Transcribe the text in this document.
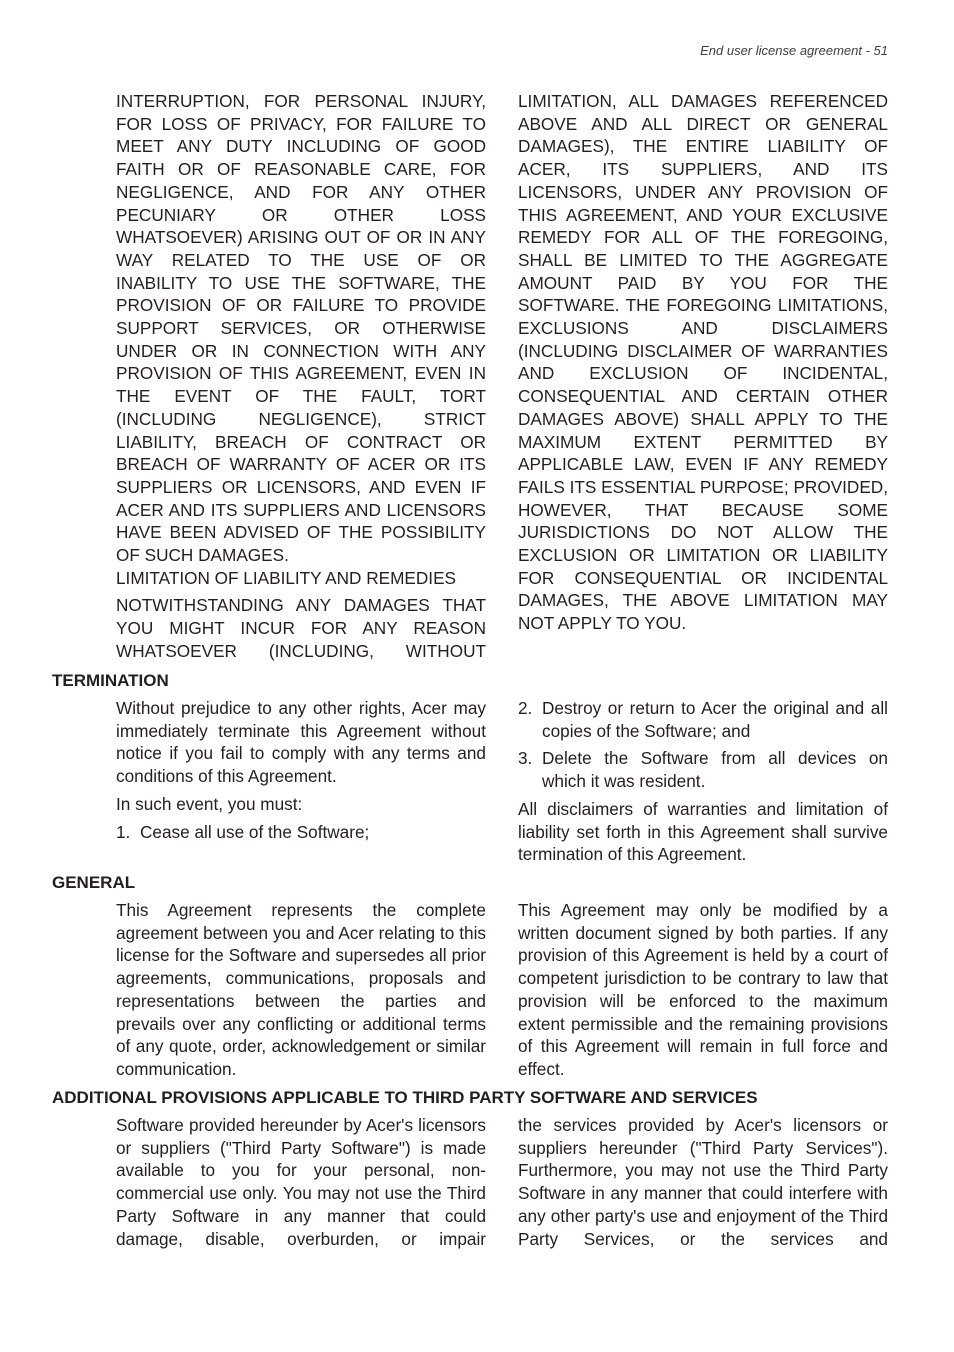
End user license agreement - 51

INTERRUPTION, FOR PERSONAL INJURY, FOR LOSS OF PRIVACY, FOR FAILURE TO MEET ANY DUTY INCLUDING OF GOOD FAITH OR OF REASONABLE CARE, FOR NEGLIGENCE, AND FOR ANY OTHER PECUNIARY OR OTHER LOSS WHATSOEVER) ARISING OUT OF OR IN ANY WAY RELATED TO THE USE OF OR INABILITY TO USE THE SOFTWARE, THE PROVISION OF OR FAILURE TO PROVIDE SUPPORT SERVICES, OR OTHERWISE UNDER OR IN CONNECTION WITH ANY PROVISION OF THIS AGREEMENT, EVEN IN THE EVENT OF THE FAULT, TORT (INCLUDING NEGLIGENCE), STRICT LIABILITY, BREACH OF CONTRACT OR BREACH OF WARRANTY OF ACER OR ITS SUPPLIERS OR LICENSORS, AND EVEN IF ACER AND ITS SUPPLIERS AND LICENSORS HAVE BEEN ADVISED OF THE POSSIBILITY OF SUCH DAMAGES.

LIMITATION OF LIABILITY AND REMEDIES

NOTWITHSTANDING ANY DAMAGES THAT YOU MIGHT INCUR FOR ANY REASON WHATSOEVER (INCLUDING, WITHOUT

LIMITATION, ALL DAMAGES REFERENCED ABOVE AND ALL DIRECT OR GENERAL DAMAGES), THE ENTIRE LIABILITY OF ACER, ITS SUPPLIERS, AND ITS LICENSORS, UNDER ANY PROVISION OF THIS AGREEMENT, AND YOUR EXCLUSIVE REMEDY FOR ALL OF THE FOREGOING, SHALL BE LIMITED TO THE AGGREGATE AMOUNT PAID BY YOU FOR THE SOFTWARE. THE FOREGOING LIMITATIONS, EXCLUSIONS AND DISCLAIMERS (INCLUDING DISCLAIMER OF WARRANTIES AND EXCLUSION OF INCIDENTAL, CONSEQUENTIAL AND CERTAIN OTHER DAMAGES ABOVE) SHALL APPLY TO THE MAXIMUM EXTENT PERMITTED BY APPLICABLE LAW, EVEN IF ANY REMEDY FAILS ITS ESSENTIAL PURPOSE; PROVIDED, HOWEVER, THAT BECAUSE SOME JURISDICTIONS DO NOT ALLOW THE EXCLUSION OR LIMITATION OR LIABILITY FOR CONSEQUENTIAL OR INCIDENTAL DAMAGES, THE ABOVE LIMITATION MAY NOT APPLY TO YOU.

TERMINATION

Without prejudice to any other rights, Acer may immediately terminate this Agreement without notice if you fail to comply with any terms and conditions of this Agreement.

In such event, you must:

1. Cease all use of the Software;
2. Destroy or return to Acer the original and all copies of the Software; and
3. Delete the Software from all devices on which it was resident.

All disclaimers of warranties and limitation of liability set forth in this Agreement shall survive termination of this Agreement.

GENERAL

This Agreement represents the complete agreement between you and Acer relating to this license for the Software and supersedes all prior agreements, communications, proposals and representations between the parties and prevails over any conflicting or additional terms of any quote, order, acknowledgement or similar communication.

This Agreement may only be modified by a written document signed by both parties. If any provision of this Agreement is held by a court of competent jurisdiction to be contrary to law that provision will be enforced to the maximum extent permissible and the remaining provisions of this Agreement will remain in full force and effect.

ADDITIONAL PROVISIONS APPLICABLE TO THIRD PARTY SOFTWARE AND SERVICES

Software provided hereunder by Acer's licensors or suppliers ("Third Party Software") is made available to you for your personal, non-commercial use only. You may not use the Third Party Software in any manner that could damage, disable, overburden, or impair

the services provided by Acer's licensors or suppliers hereunder ("Third Party Services"). Furthermore, you may not use the Third Party Software in any manner that could interfere with any other party's use and enjoyment of the Third Party Services, or the services and
